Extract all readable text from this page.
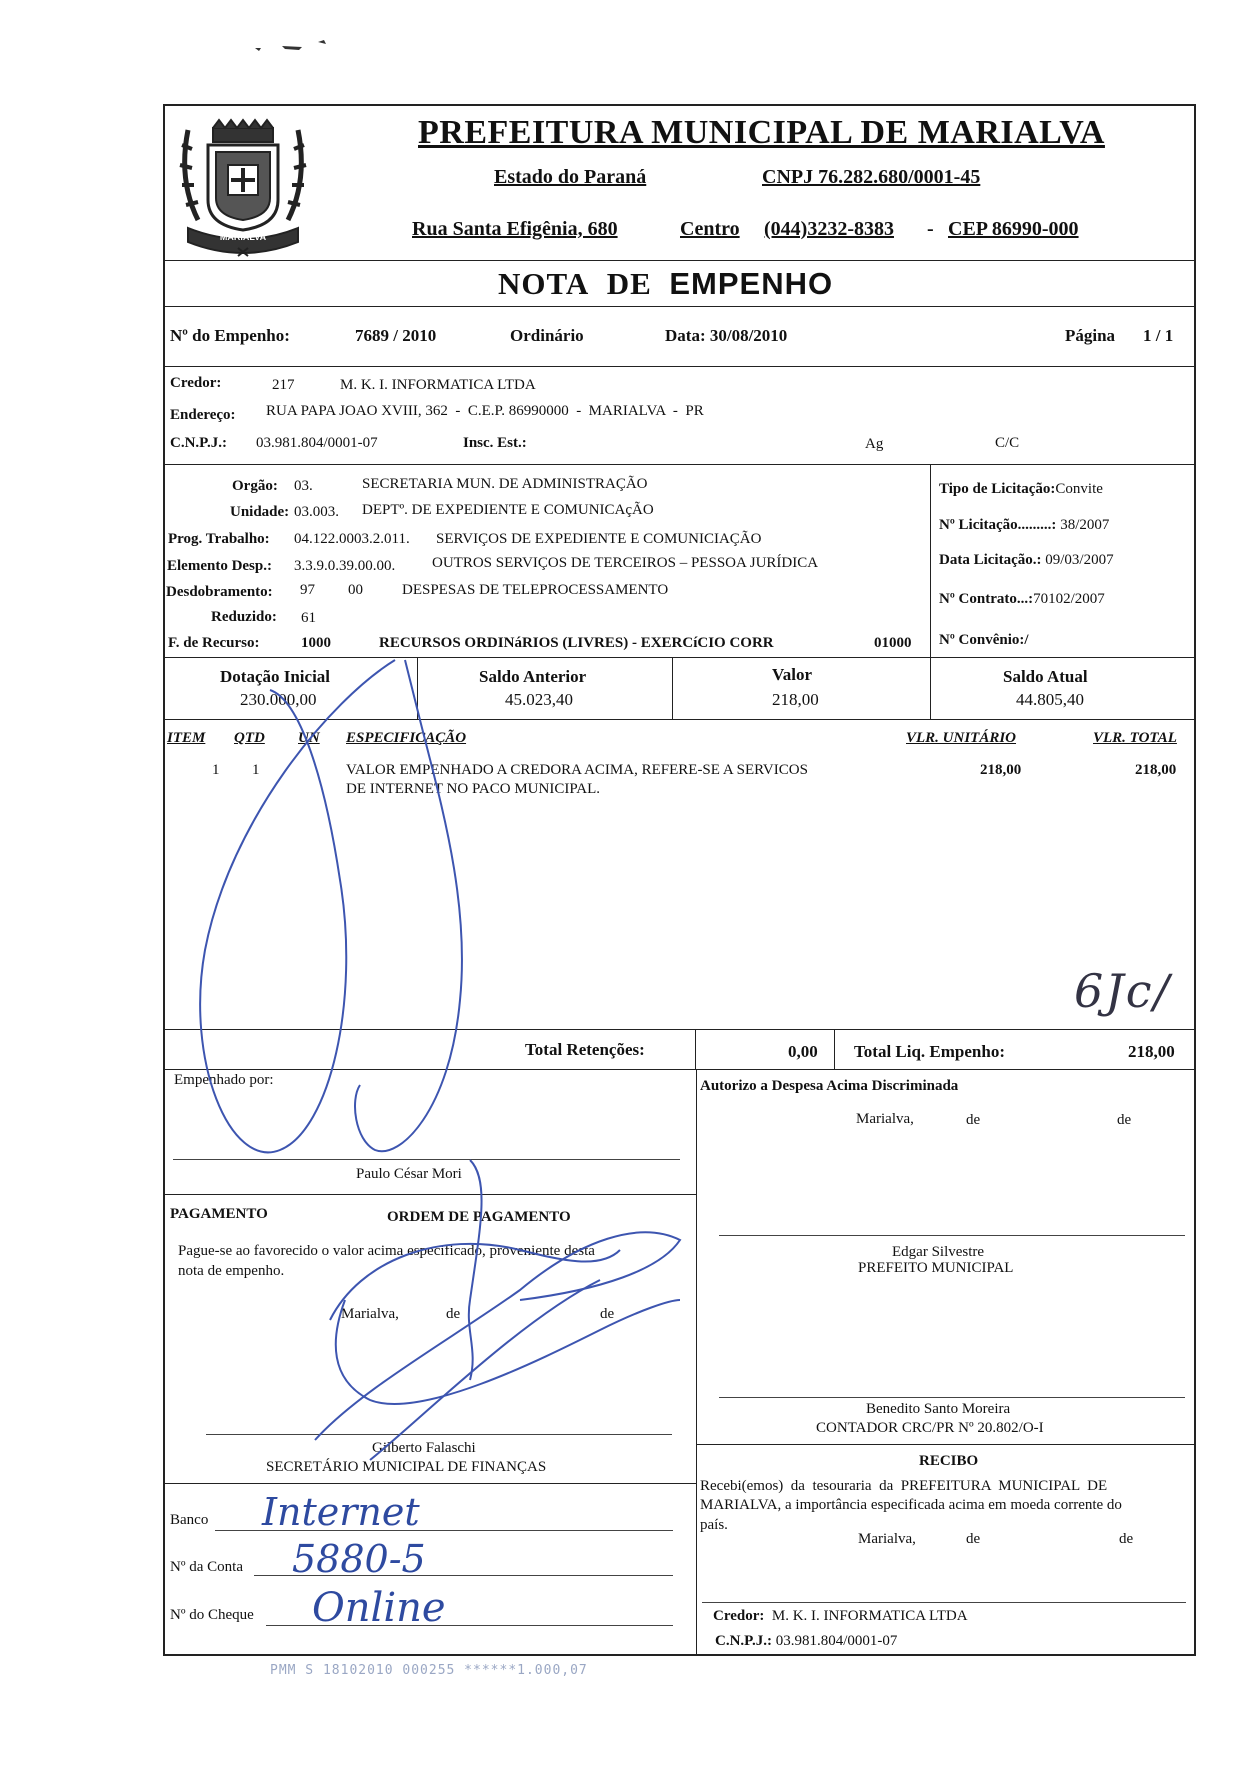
MARIALVA
PREFEITURA MUNICIPAL DE MARIALVA
Estado do Paraná	CNPJ 76.282.680/0001-45
Rua Santa Efigênia, 680	Centro (044)3232-8383 - CEP 86990-000
NOTA DE EMPENHO
Nº do Empenho:	7689 / 2010	Ordinário	Data: 30/08/2010	Página 1 / 1
Credor:	217	M. K. I. INFORMATICA LTDA
Endereço: RUA PAPA JOAO XVIII, 362  -  C.E.P. 86990000  -  MARIALVA  -  PR
C.N.P.J.: 03.981.804/0001-07	Insc. Est.:	Ag	C/C
Orgão: 03.	SECRETARIA MUN. DE ADMINISTRAÇÃO
Unidade: 03.003. DEPTº. DE EXPEDIENTE E COMUNICAçÃO
Prog. Trabalho: 04.122.0003.2.011. SERVIÇOS DE EXPEDIENTE E COMUNICIAÇÃO
Elemento Desp.: 3.3.9.0.39.00.00. OUTROS SERVIÇOS DE TERCEIROS – PESSOA JURÍDICA
Desdobramento: 97 00	DESPESAS DE TELEPROCESSAMENTO
Reduzido: 61
F. de Recurso:	1000	RECURSOS ORDINáRIOS (LIVRES) - EXERCíCIO CORR	01000
Tipo de Licitação:Convite
Nº Licitação.........: 38/2007
Data Licitação.: 09/03/2007
Nº Contrato...:70102/2007
Nº Convênio:/
Dotação Inicial
230.000,00
Saldo Anterior
45.023,40
Valor
218,00
Saldo Atual
44.805,40
ITEM QTD UN ESPECIFICAÇÃO	VLR. UNITÁRIO	VLR. TOTAL
1 1	VALOR EMPENHADO A CREDORA ACIMA, REFERE-SE A SERVICOS
DE INTERNET NO PACO MUNICIPAL.
218,00	218,00
6Jc/
Total Retenções:	0,00 Total Liq. Empenho:	218,00
Empenhado por:
Paulo César Mori
Autorizo a Despesa Acima Discriminada
Marialva,	de	de
Edgar Silvestre
PREFEITO MUNICIPAL
PAGAMENTO	ORDEM DE PAGAMENTO
Pague-se ao favorecido o valor acima especificado, proveniente desta
nota de empenho.
Marialva,	de	de
Gilberto Falaschi
SECRETÁRIO MUNICIPAL DE FINANÇAS
Banco
Nº da Conta
Nº do Cheque
Internet
5880-5
Online
Benedito Santo Moreira
CONTADOR CRC/PR Nº 20.802/O-I
RECIBO
Recebi(emos)  da  tesouraria  da  PREFEITURA  MUNICIPAL  DE
MARIALVA, a importância especificada acima em moeda corrente do
país.
Marialva,	de	de
Credor: M. K. I. INFORMATICA LTDA
C.N.P.J.: 03.981.804/0001-07
PMM S 18102010 000255 ******1.000,07
